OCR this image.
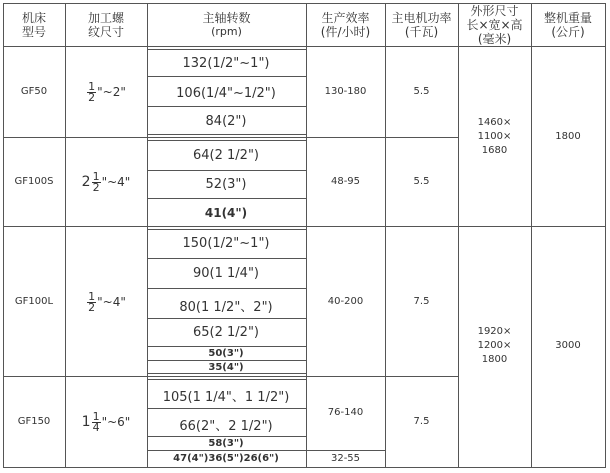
机床
型号
加工螺
纹尺寸
主轴转数
(rpm)
生产效率
(件/小时)
主电机功率
(千瓦)
外形尺寸
长×宽×高
(毫米)
整机重量
(公斤)
GF50
GF100S
GF100L
GF150
$\frac{1}{2}$ "~2"
$2 \frac{1}{2}$ "~4"
$\frac{1}{2}$ "~4"
$1 \frac{1}{4}$ "~6"
132(1/2"~1")
106(1/4"~1/2")
84(2")
64(2 1/2")
52(3")
41(4")
150(1/2"~1")
90(1 1/4")
80(1 1/2"、2")
65(2 1/2")
50(3")
35(4")
105(1 1/4"、1 1/2")
66(2"、2 1/2")
58(3")
47(4")36(5")26(6")
130-180
48-95
40-200
76-140
32-55
5.5
5.5
7.5
7.5
1460×
1100×
1680
1920×
1200×
1800
1800
3000
